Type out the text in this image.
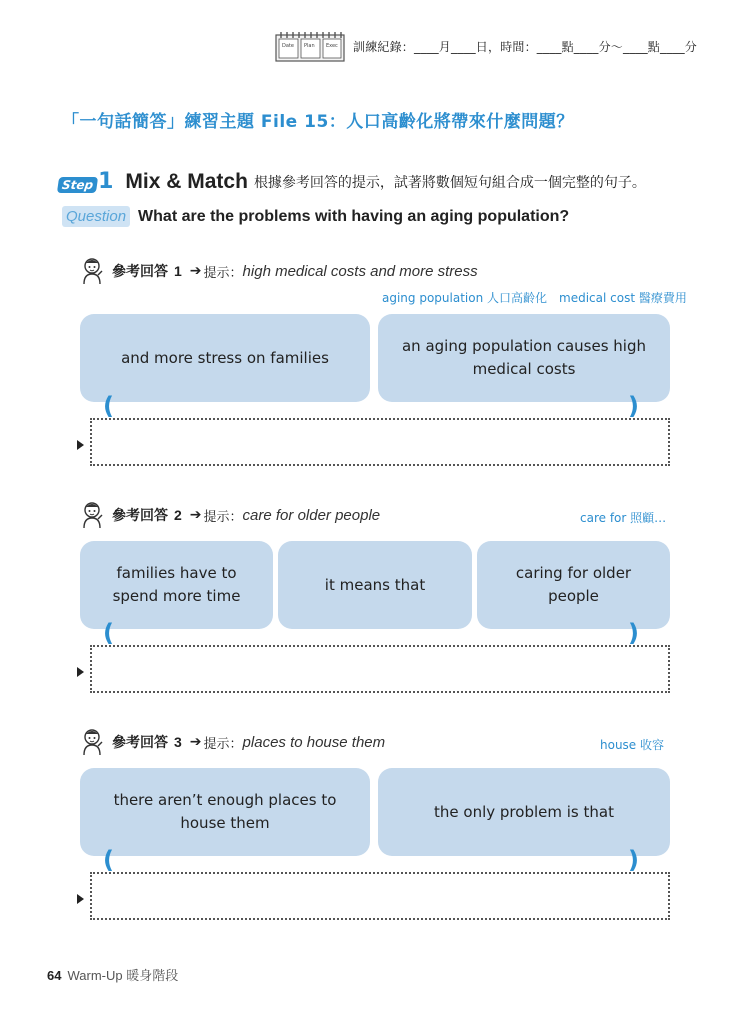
Date Plan Exec 訓練紀錄：____月____日，時間：____點____分～____點____分
「一句話簡答」練習主題 File 15：人口高齡化將帶來什麼問題？
Step 1 Mix & Match 根據參考回答的提示，試著將數個短句組合成一個完整的句子。
Question What are the problems with having an aging population?
參考回答 1 ➔ 提示： high medical costs and more stress
aging population 人口高齡化 medical cost 醫療費用
and more stress on families
an aging population causes high medical costs
(	)
參考回答 2 ➔ 提示： care for older people	care for 照顧…
families have to spend more time
it means that
caring for older people
(	)
參考回答 3 ➔ 提示： places to house them	house 收容
there aren’t enough places to house them
the only problem is that
(	)
64 Warm-Up 暖身階段
